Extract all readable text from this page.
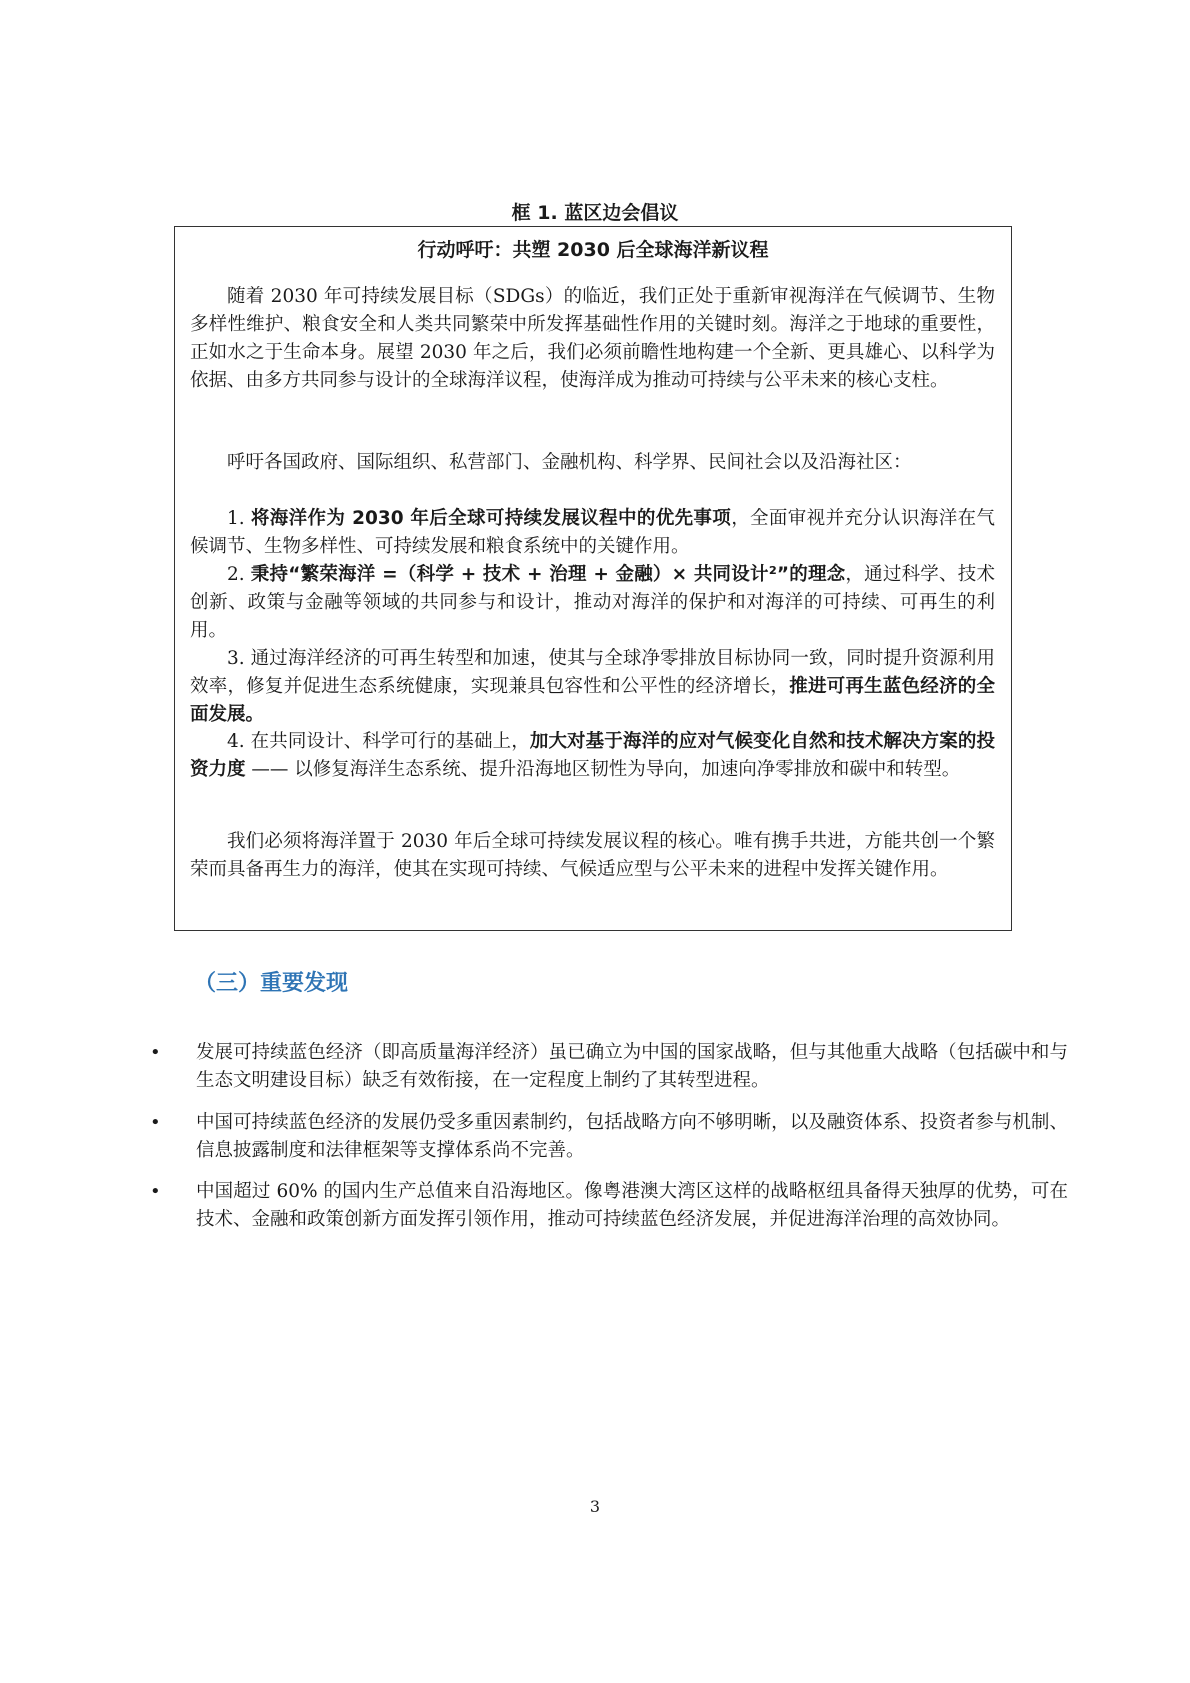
框 1. 蓝区边会倡议
行动呼吁：共塑 2030 后全球海洋新议程

随着 2030 年可持续发展目标（SDGs）的临近，我们正处于重新审视海洋在气候调节、生物多样性维护、粮食安全和人类共同繁荣中所发挥基础性作用的关键时刻。海洋之于地球的重要性，正如水之于生命本身。展望 2030 年之后，我们必须前瞻性地构建一个全新、更具雄心、以科学为依据、由多方共同参与设计的全球海洋议程，使海洋成为推动可持续与公平未来的核心支柱。

呼吁各国政府、国际组织、私营部门、金融机构、科学界、民间社会以及沿海社区：

1. 将海洋作为 2030 年后全球可持续发展议程中的优先事项，全面审视并充分认识海洋在气候调节、生物多样性、可持续发展和粮食系统中的关键作用。

2. 秉持“繁荣海洋 =（科学 + 技术 + 治理 + 金融）× 共同设计²”的理念，通过科学、技术创新、政策与金融等领域的共同参与和设计，推动对海洋的保护和对海洋的可持续、可再生的利用。

3. 通过海洋经济的可再生转型和加速，使其与全球净零排放目标协同一致，同时提升资源利用效率，修复并促进生态系统健康，实现兼具包容性和公平性的经济增长，推进可再生蓝色经济的全面发展。

4. 在共同设计、科学可行的基础上，加大对基于海洋的应对气候变化自然和技术解决方案的投资力度 —— 以修复海洋生态系统、提升沿海地区韧性为导向，加速向净零排放和碳中和转型。

我们必须将海洋置于 2030 年后全球可持续发展议程的核心。唯有携手共进，方能共创一个繁荣而具备再生力的海洋，使其在实现可持续、气候适应型与公平未来的进程中发挥关键作用。

（三）重要发现
• 发展可持续蓝色经济（即高质量海洋经济）虽已确立为中国的国家战略，但与其他重大战略（包括碳中和与生态文明建设目标）缺乏有效衔接，在一定程度上制约了其转型进程。
• 中国可持续蓝色经济的发展仍受多重因素制约，包括战略方向不够明晰，以及融资体系、投资者参与机制、信息披露制度和法律框架等支撑体系尚不完善。
• 中国超过 60% 的国内生产总值来自沿海地区。像粤港澳大湾区这样的战略枢纽具备得天独厚的优势，可在技术、金融和政策创新方面发挥引领作用，推动可持续蓝色经济发展，并促进海洋治理的高效协同。
3
